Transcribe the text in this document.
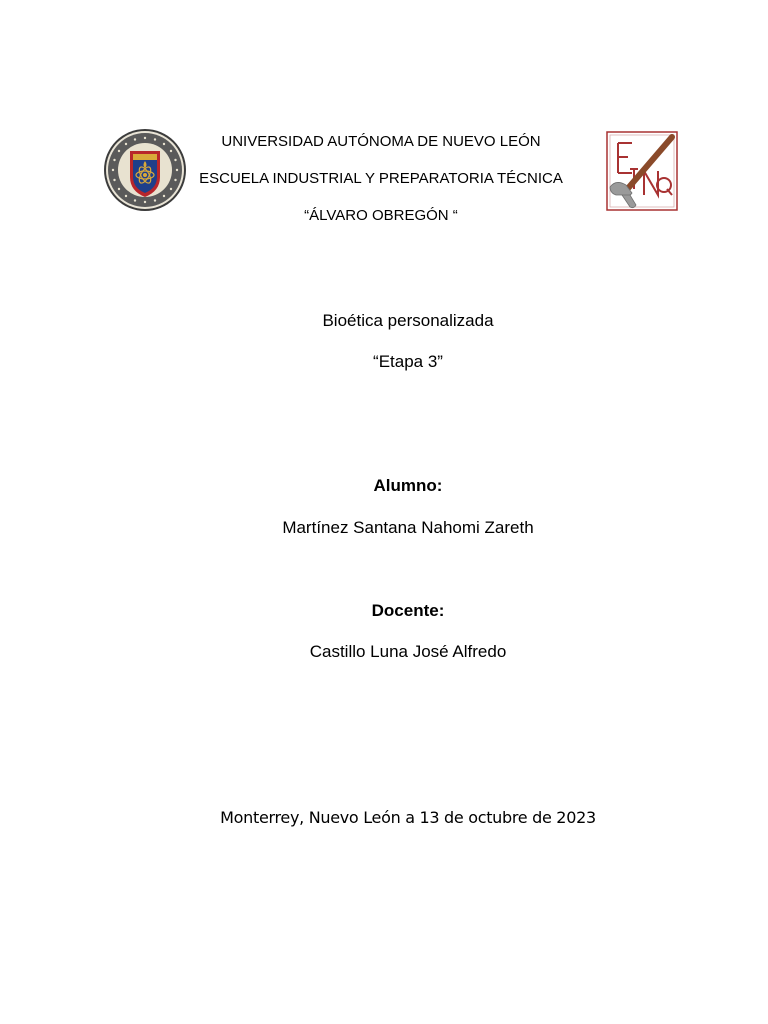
UNIVERSIDAD AUTÓNOMA DE NUEVO LEÓN
ESCUELA INDUSTRIAL Y PREPARATORIA TÉCNICA
“ÁLVARO OBREGÓN “
Bioética personalizada
“Etapa 3”
Alumno:
Martínez Santana Nahomi Zareth
Docente:
Castillo Luna José Alfredo
Monterrey, Nuevo León a 13 de octubre de 2023
